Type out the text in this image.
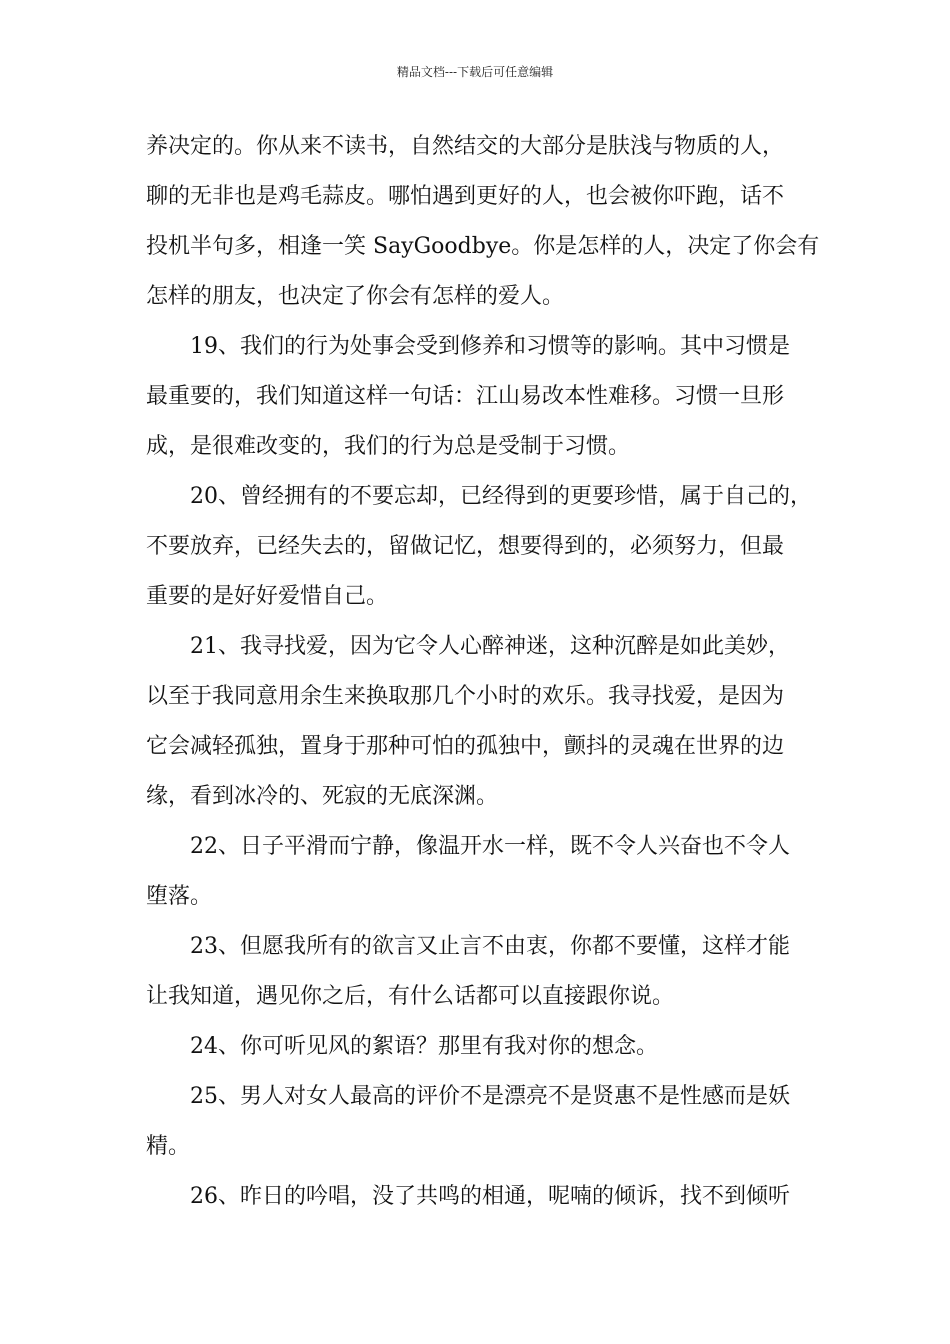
精品文档---下载后可任意编辑
养决定的。你从来不读书，自然结交的大部分是肤浅与物质的人，
聊的无非也是鸡毛蒜皮。哪怕遇到更好的人，也会被你吓跑，话不
投机半句多，相逢一笑 SayGoodbye。你是怎样的人，决定了你会有
怎样的朋友，也决定了你会有怎样的爱人。
19、我们的行为处事会受到修养和习惯等的影响。其中习惯是
最重要的，我们知道这样一句话：江山易改本性难移。习惯一旦形
成，是很难改变的，我们的行为总是受制于习惯。
20、曾经拥有的不要忘却，已经得到的更要珍惜，属于自己的，
不要放弃，已经失去的，留做记忆，想要得到的，必须努力，但最
重要的是好好爱惜自己。
21、我寻找爱，因为它令人心醉神迷，这种沉醉是如此美妙，
以至于我同意用余生来换取那几个小时的欢乐。我寻找爱，是因为
它会减轻孤独，置身于那种可怕的孤独中，颤抖的灵魂在世界的边
缘，看到冰冷的、死寂的无底深渊。
22、日子平滑而宁静，像温开水一样，既不令人兴奋也不令人
堕落。
23、但愿我所有的欲言又止言不由衷，你都不要懂，这样才能
让我知道，遇见你之后，有什么话都可以直接跟你说。
24、你可听见风的絮语？那里有我对你的想念。
25、男人对女人最高的评价不是漂亮不是贤惠不是性感而是妖
精。
26、昨日的吟唱，没了共鸣的相通，呢喃的倾诉，找不到倾听
